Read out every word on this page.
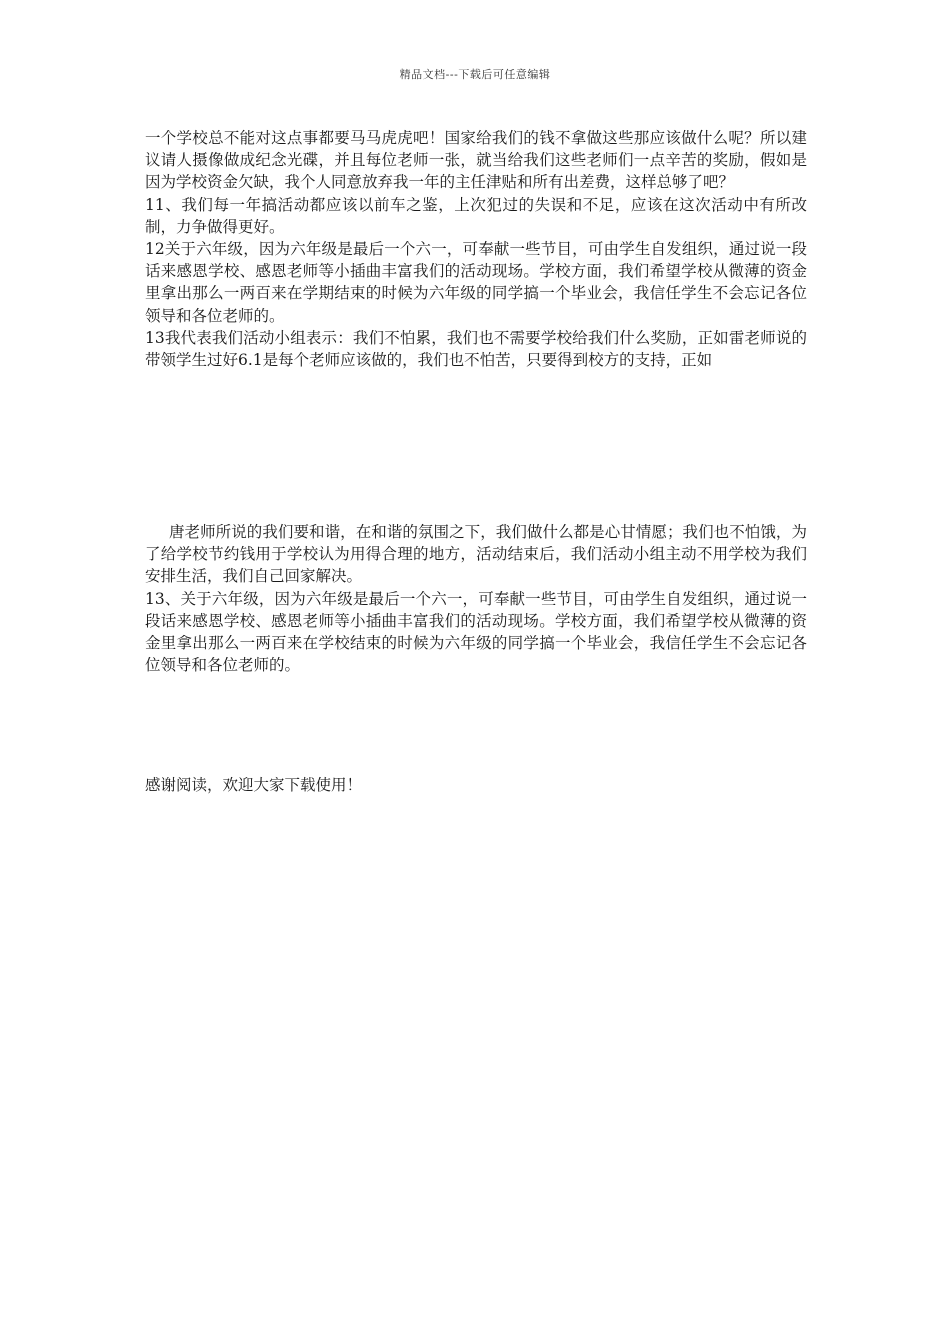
精品文档---下载后可任意编辑

一个学校总不能对这点事都要马马虎虎吧！国家给我们的钱不拿做这些那应该做什么呢？所以建议请人摄像做成纪念光碟，并且每位老师一张，就当给我们这些老师们一点辛苦的奖励，假如是因为学校资金欠缺，我个人同意放弃我一年的主任津贴和所有出差费，这样总够了吧？

11、我们每一年搞活动都应该以前车之鉴，上次犯过的失误和不足，应该在这次活动中有所改制，力争做得更好。

12关于六年级，因为六年级是最后一个六一，可奉献一些节目，可由学生自发组织，通过说一段话来感恩学校、感恩老师等小插曲丰富我们的活动现场。学校方面，我们希望学校从微薄的资金里拿出那么一两百来在学期结束的时候为六年级的同学搞一个毕业会，我信任学生不会忘记各位领导和各位老师的。

13我代表我们活动小组表示：我们不怕累，我们也不需要学校给我们什么奖励，正如雷老师说的带领学生过好6.1是每个老师应该做的，我们也不怕苦，只要得到校方的支持，正如

唐老师所说的我们要和谐，在和谐的氛围之下，我们做什么都是心甘情愿；我们也不怕饿，为了给学校节约钱用于学校认为用得合理的地方，活动结束后，我们活动小组主动不用学校为我们安排生活，我们自己回家解决。

13、关于六年级，因为六年级是最后一个六一，可奉献一些节目，可由学生自发组织，通过说一段话来感恩学校、感恩老师等小插曲丰富我们的活动现场。学校方面，我们希望学校从微薄的资金里拿出那么一两百来在学校结束的时候为六年级的同学搞一个毕业会，我信任学生不会忘记各位领导和各位老师的。

感谢阅读，欢迎大家下载使用！
